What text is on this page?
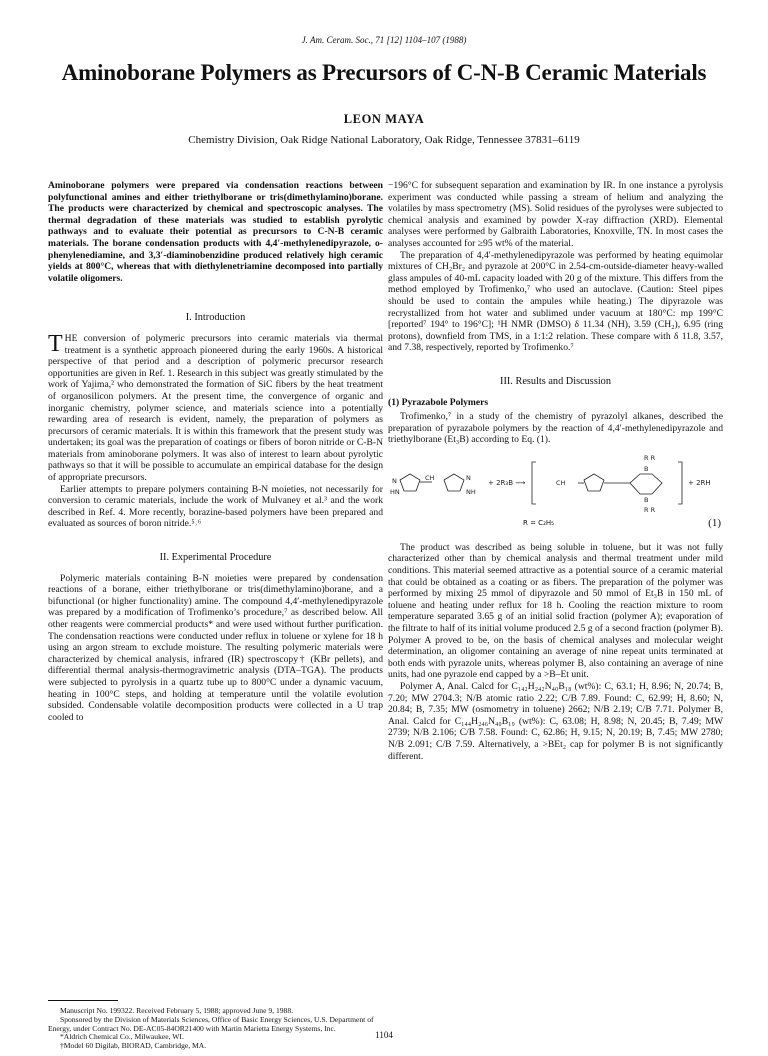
J. Am. Ceram. Soc., 71 [12] 1104–107 (1988)
Aminoborane Polymers as Precursors of C-N-B Ceramic Materials
LEON MAYA
Chemistry Division, Oak Ridge National Laboratory, Oak Ridge, Tennessee 37831–6119

Aminoborane polymers were prepared via condensation reactions between polyfunctional amines and either triethylborane or tris(dimethylamino)borane. The products were characterized by chemical and spectroscopic analyses. The thermal degradation of these materials was studied to establish pyrolytic pathways and to evaluate their potential as precursors to C-N-B ceramic materials. The borane condensation products with 4,4′-methylenedipyrazole, o-phenylenediamine, and 3,3′-diaminobenzidine produced relatively high ceramic yields at 800°C, whereas that with diethylenetriamine decomposed into partially volatile oligomers.

I. Introduction

THE conversion of polymeric precursors into ceramic materials via thermal treatment is a synthetic approach pioneered during the early 1960s. A historical perspective of that period and a description of polymeric precursor research opportunities are given in Ref. 1. Research in this subject was greatly stimulated by the work of Yajima,² who demonstrated the formation of SiC fibers by the heat treatment of organosilicon polymers. At the present time, the convergence of organic and inorganic chemistry, polymer science, and materials science into a potentially rewarding area of research is evident, namely, the preparation of polymers as precursors of ceramic materials. It is within this framework that the present study was undertaken; its goal was the preparation of coatings or fibers of boron nitride or C-B-N materials from aminoborane polymers. It was also of interest to learn about pyrolytic pathways so that it will be possible to accumulate an empirical database for the design of appropriate precursors.

Earlier attempts to prepare polymers containing B-N moieties, not necessarily for conversion to ceramic materials, include the work of Mulvaney et al.³ and the work described in Ref. 4. More recently, borazine-based polymers have been prepared and evaluated as sources of boron nitride.⁵˒⁶

II. Experimental Procedure

Polymeric materials containing B-N moieties were prepared by condensation reactions of a borane, either triethylborane or tris(dimethylamino)borane, and a bifunctional (or higher functionality) amine. The compound 4,4′-methylenedipyrazole was prepared by a modification of Trofimenko’s procedure,⁷ as described below. All other reagents were commercial products* and were used without further purification. The condensation reactions were conducted under reflux in toluene or xylene for 18 h using an argon stream to exclude moisture. The resulting polymeric materials were characterized by chemical analysis, infrared (IR) spectroscopy† (KBr pellets), and differential thermal analysis-thermogravimetric analysis (DTA–TGA). The products were subjected to pyrolysis in a quartz tube up to 800°C under a dynamic vacuum, heating in 100°C steps, and holding at temperature until the volatile evolution subsided. Condensable volatile decomposition products were collected in a U trap cooled to

−196°C for subsequent separation and examination by IR. In one instance a pyrolysis experiment was conducted while passing a stream of helium and analyzing the volatiles by mass spectrometry (MS). Solid residues of the pyrolyses were subjected to chemical analysis and examined by powder X-ray diffraction (XRD). Elemental analyses were performed by Galbraith Laboratories, Knoxville, TN. In most cases the analyses accounted for ≥95 wt% of the material.

The preparation of 4,4′-methylenedipyrazole was performed by heating equimolar mixtures of CH₂Br₂ and pyrazole at 200°C in 2.54-cm-outside-diameter heavy-walled glass ampules of 40-mL capacity loaded with 20 g of the mixture. This differs from the method employed by Trofimenko,⁷ who used an autoclave. (Caution: Steel pipes should be used to contain the ampules while heating.) The dipyrazole was recrystallized from hot water and sublimed under vacuum at 180°C: mp 199°C [reported⁷ 194° to 196°C]; ¹H NMR (DMSO) δ 11.34 (NH), 3.59 (CH₂), 6.95 (ring protons), downfield from TMS, in a 1:1:2 relation. These compare with δ 11.8, 3.57, and 7.38, respectively, reported by Trofimenko.⁷

III. Results and Discussion
(1) Pyrazabole Polymers

Trofimenko,⁷ in a study of the chemistry of pyrazolyl alkanes, described the preparation of pyrazabole polymers by the reaction of 4,4′-methylenedipyrazole and triethylborane (Et₃B) according to Eq. (1).

N
HN
CH	N
NH
CH
R R
B
B
R R
+ 2R₃B ⟶	+ 2RH
R = C₂H₅	(1)

The product was described as being soluble in toluene, but it was not fully characterized other than by chemical analysis and thermal treatment under mild conditions. This material seemed attractive as a potential source of a ceramic material that could be obtained as a coating or as fibers. The preparation of the polymer was performed by mixing 25 mmol of dipyrazole and 50 mmol of Et₃B in 150 mL of toluene and heating under reflux for 18 h. Cooling the reaction mixture to room temperature separated 3.65 g of an initial solid fraction (polymer A); evaporation of the filtrate to half of its initial volume produced 2.5 g of a second fraction (polymer B). Polymer A proved to be, on the basis of chemical analyses and molecular weight determination, an oligomer containing an average of nine repeat units terminated at both ends with pyrazole units, whereas polymer B, also containing an average of nine units, had one pyrazole end capped by a >B–Et unit.

Polymer A, Anal. Calcd for C₁₄₂H₂₄₂N₄₀B₁₈ (wt%): C, 63.1; H, 8.96; N, 20.74; B, 7.20; MW 2704.3; N/B atomic ratio 2.22; C/B 7.89. Found: C, 62.99; H, 8.60; N, 20.84; B, 7.35; MW (osmometry in toluene) 2662; N/B 2.19; C/B 7.71. Polymer B, Anal. Calcd for C₁₄₄H₂₄₆N₄₀B₁₉ (wt%): C, 63.08; H, 8.98; N, 20.45; B, 7.49; MW 2739; N/B 2.106; C/B 7.58. Found: C, 62.86; H, 9.15; N, 20.19; B, 7.45; MW 2780; N/B 2.091; C/B 7.59. Alternatively, a >BEt₂ cap for polymer B is not significantly different.

Manuscript No. 199322. Received February 5, 1988; approved June 9, 1988.
Sponsored by the Division of Materials Sciences, Office of Basic Energy Sciences, U.S. Department of Energy, under Contract No. DE-AC05-84OR21400 with Martin Marietta Energy Systems, Inc.
*Aldrich Chemical Co., Milwaukee, WI.
†Model 60 Digilab, BIORAD, Cambridge, MA.
1104
